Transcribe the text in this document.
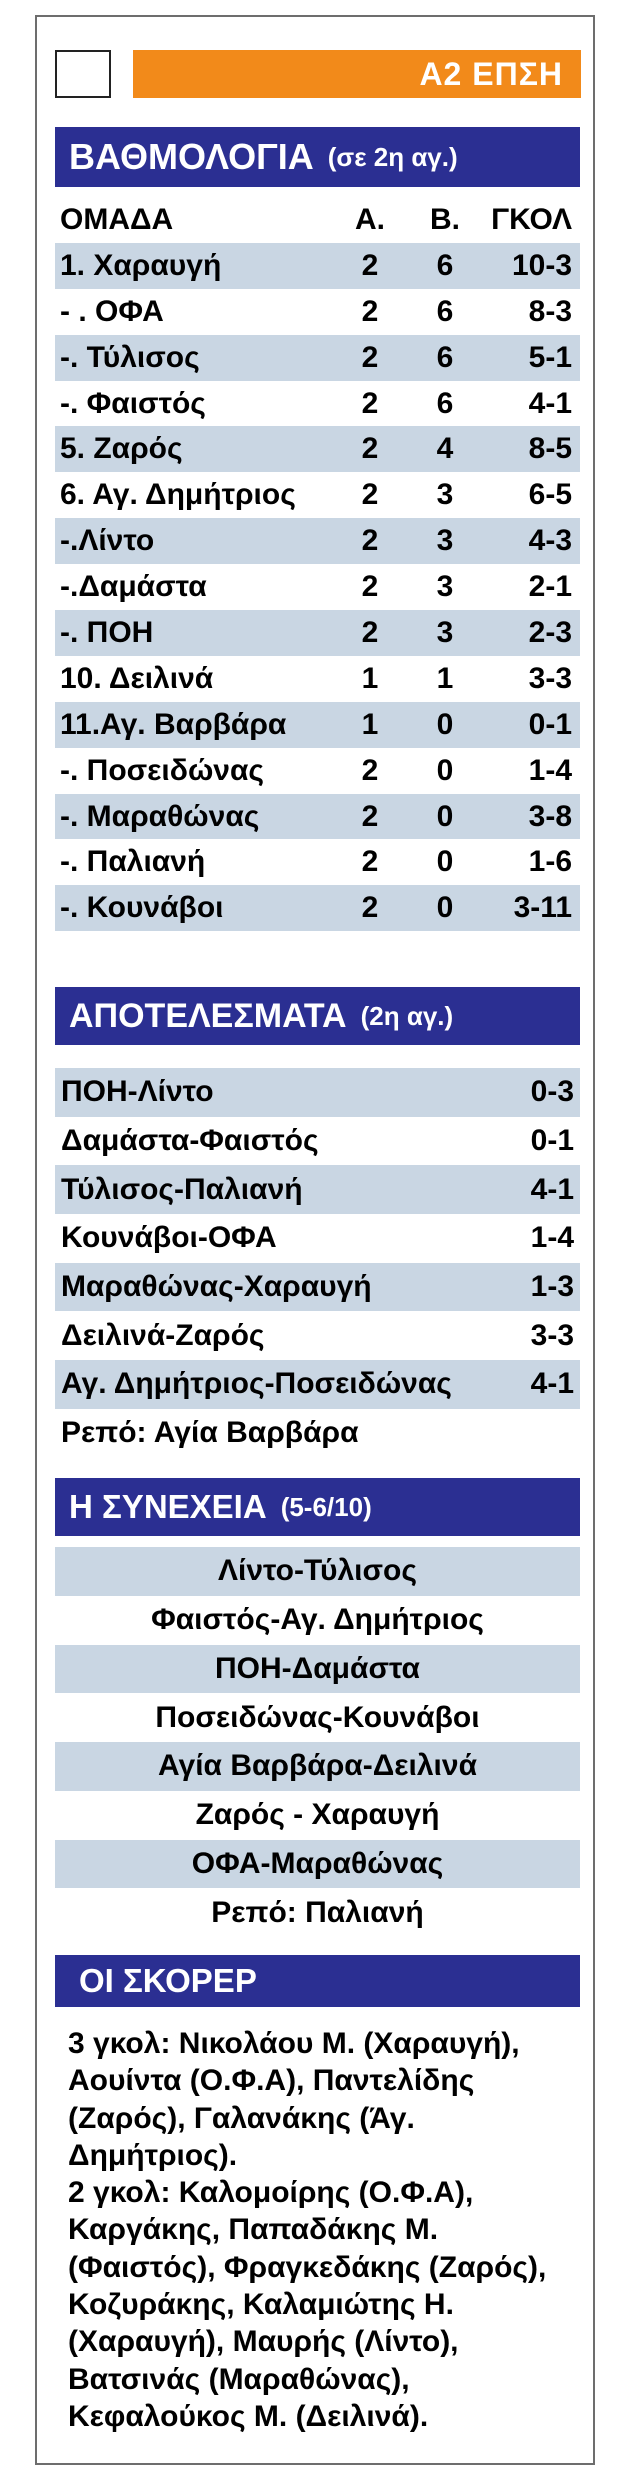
Α2 ΕΠΣΗ
ΒΑΘΜΟΛΟΓΙΑ (σε 2η αγ.)
ΟΜΑΔΑ	Α. Β. ΓΚΟΛ
1. Χαραυγή	2	6	10-3
- . ΟΦΑ	2	6	8-3
-. Τύλισος	2	6	5-1
-. Φαιστός	2	6	4-1
5. Ζαρός	2	4	8-5
6. Αγ. Δημήτριος 2	3	6-5
-.Λίντο	2	3	4-3
-.Δαμάστα	2	3	2-1
-. ΠΟΗ	2	3	2-3
10. Δειλινά	1	1	3-3
11.Αγ. Βαρβάρα	1	0	0-1
-. Ποσειδώνας	2	0	1-4
-. Μαραθώνας	2	0	3-8
-. Παλιανή	2	0	1-6
-. Κουνάβοι	2	0	3-11
ΑΠΟΤΕΛΕΣΜΑΤΑ (2η αγ.)
ΠΟΗ-Λίντο	0-3
Δαμάστα-Φαιστός	0-1
Τύλισος-Παλιανή	4-1
Κουνάβοι-ΟΦΑ	1-4
Μαραθώνας-Χαραυγή	1-3
Δειλινά-Ζαρός	3-3
Αγ. Δημήτριος-Ποσειδώνας	4-1
Ρεπό: Αγία Βαρβάρα
Η ΣΥΝΕΧΕΙΑ (5-6/10)
Λίντο-Τύλισος
Φαιστός-Αγ. Δημήτριος
ΠΟΗ-Δαμάστα
Ποσειδώνας-Κουνάβοι
Αγία Βαρβάρα-Δειλινά
Ζαρός - Χαραυγή
ΟΦΑ-Μαραθώνας
Ρεπό: Παλιανή
ΟΙ ΣΚΟΡΕΡ

3 γκολ: Νικολάου Μ. (Χαραυγή), Αουίντα (Ο.Φ.Α), Παντελίδης (Ζαρός), Γαλανάκης (Άγ. Δημήτριος).

2 γκολ: Καλομοίρης (Ο.Φ.Α), Καργάκης, Παπαδάκης Μ. (Φαιστός), Φραγκεδάκης (Ζαρός), Κοζυράκης, Καλαμιώτης Η. (Χαραυγή), Μαυρής (Λίντο), Βατσινάς (Μαραθώνας), Κεφαλούκος Μ. (Δειλινά).
